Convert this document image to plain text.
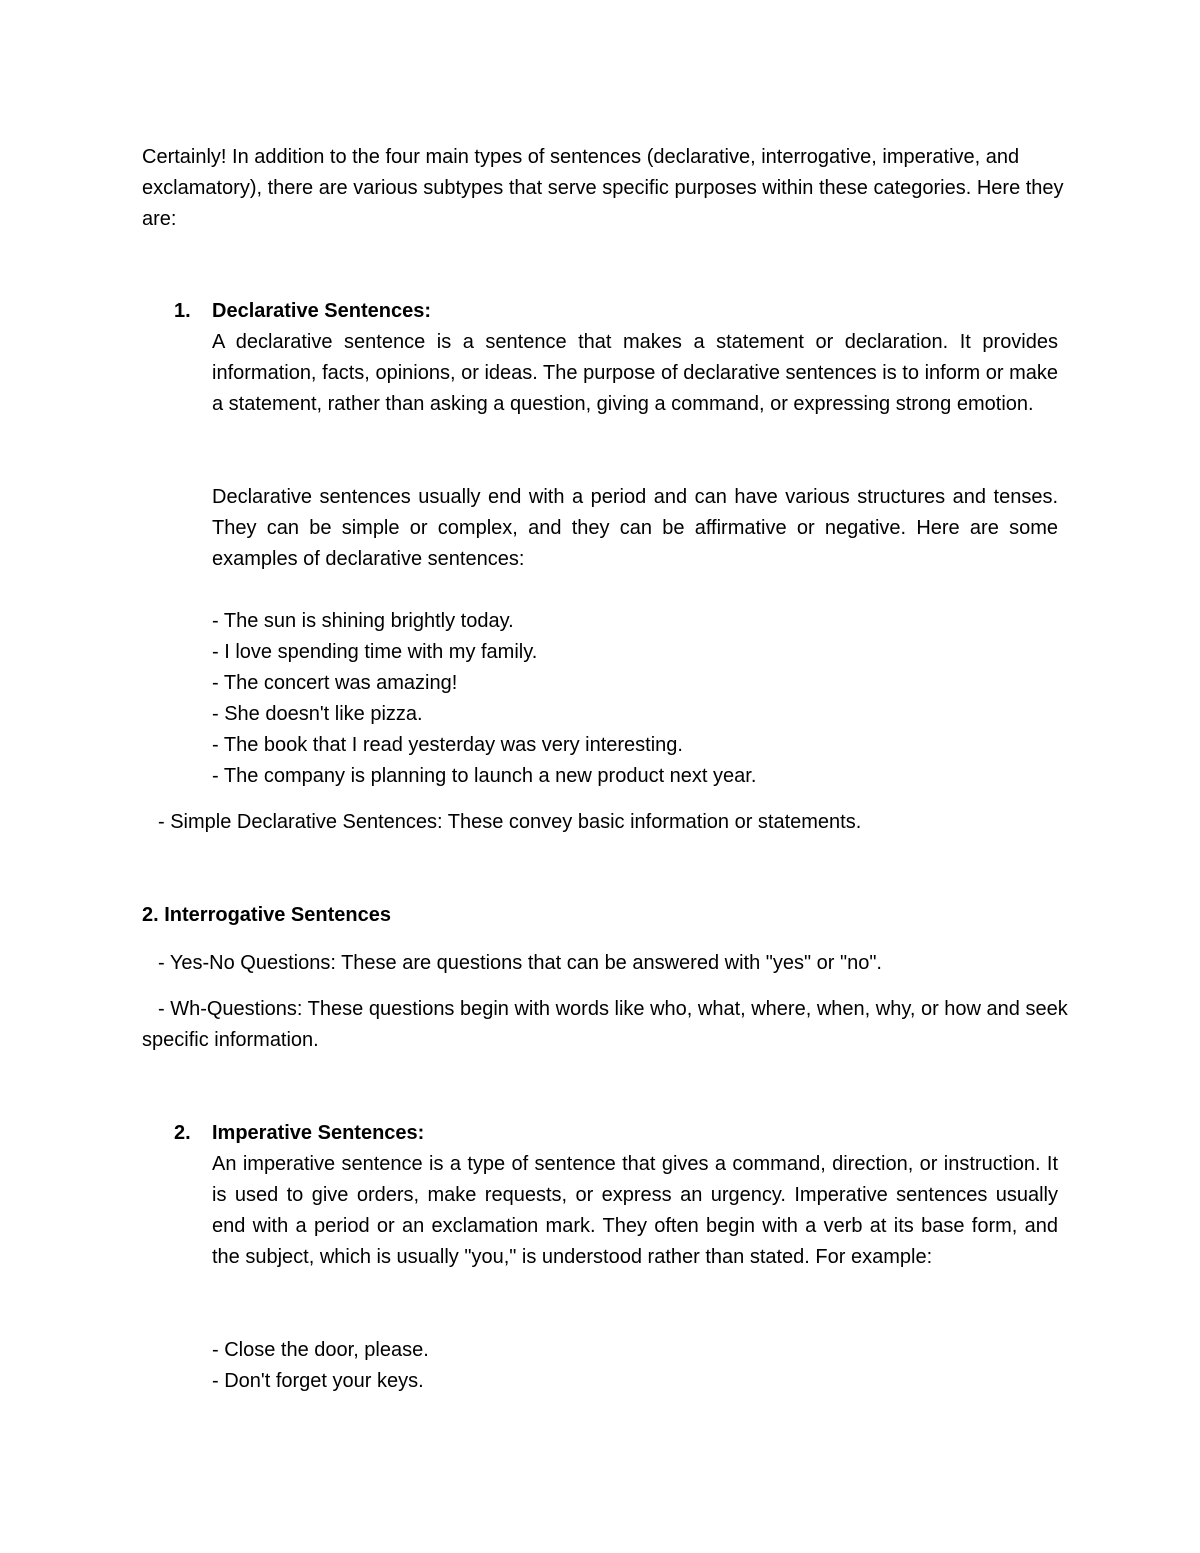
Certainly! In addition to the four main types of sentences (declarative, interrogative, imperative, and exclamatory), there are various subtypes that serve specific purposes within these categories. Here they are:

1. Declarative Sentences:
A declarative sentence is a sentence that makes a statement or declaration. It provides information, facts, opinions, or ideas. The purpose of declarative sentences is to inform or make a statement, rather than asking a question, giving a command, or expressing strong emotion.
Declarative sentences usually end with a period and can have various structures and tenses. They can be simple or complex, and they can be affirmative or negative. Here are some examples of declarative sentences:
- The sun is shining brightly today.
- I love spending time with my family.
- The concert was amazing!
- She doesn't like pizza.
- The book that I read yesterday was very interesting.
- The company is planning to launch a new product next year.
- Simple Declarative Sentences: These convey basic information or statements.
2. Interrogative Sentences
- Yes-No Questions: These are questions that can be answered with "yes" or "no".
- Wh-Questions: These questions begin with words like who, what, where, when, why, or how and seek specific information.
2. Imperative Sentences:
An imperative sentence is a type of sentence that gives a command, direction, or instruction. It is used to give orders, make requests, or express an urgency. Imperative sentences usually end with a period or an exclamation mark. They often begin with a verb at its base form, and the subject, which is usually "you," is understood rather than stated. For example:
- Close the door, please.
- Don't forget your keys.
